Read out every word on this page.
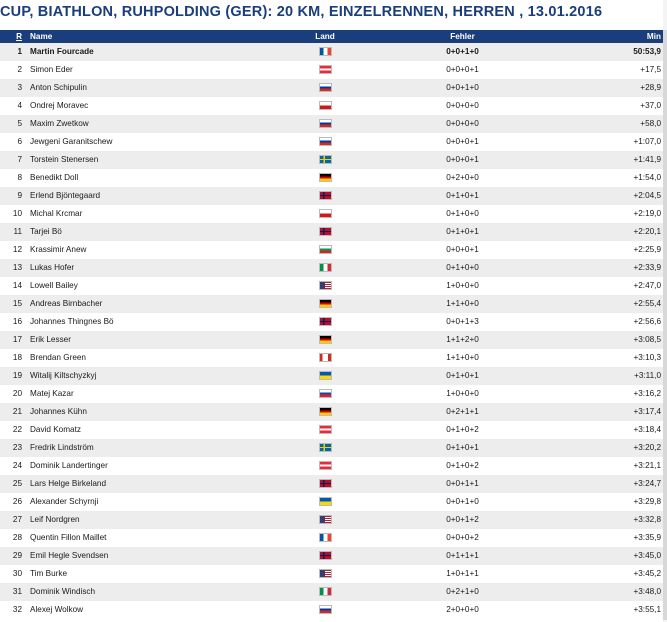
CUP, BIATHLON, RUHPOLDING (GER): 20 KM, EINZELRENNEN, HERREN , 13.01.2016
R	Name	Land	Fehler	Min
1	Martin Fourcade		0+0+1+0	50:53,9
2	Simon Eder		0+0+0+1	+17,5
3	Anton Schipulin		0+0+1+0	+28,9
4	Ondrej Moravec		0+0+0+0	+37,0
5	Maxim Zwetkow		0+0+0+0	+58,0
6	Jewgeni Garanitschew		0+0+0+1	+1:07,0
7	Torstein Stenersen		0+0+0+1	+1:41,9
8	Benedikt Doll		0+2+0+0	+1:54,0
9	Erlend Bjöntegaard		0+1+0+1	+2:04,5
10	Michal Krcmar		0+1+0+0	+2:19,0
11	Tarjei Bö		0+1+0+1	+2:20,1
12	Krassimir Anew		0+0+0+1	+2:25,9
13	Lukas Hofer		0+1+0+0	+2:33,9
14	Lowell Bailey		1+0+0+0	+2:47,0
15	Andreas Birnbacher		1+1+0+0	+2:55,4
16	Johannes Thingnes Bö		0+0+1+3	+2:56,6
17	Erik Lesser		1+1+2+0	+3:08,5
18	Brendan Green		1+1+0+0	+3:10,3
19	Witalij Kiltschyzkyj		0+1+0+1	+3:11,0
20	Matej Kazar		1+0+0+0	+3:16,2
21	Johannes Kühn		0+2+1+1	+3:17,4
22	David Komatz		0+1+0+2	+3:18,4
23	Fredrik Lindström		0+1+0+1	+3:20,2
24	Dominik Landertinger		0+1+0+2	+3:21,1
25	Lars Helge Birkeland		0+0+1+1	+3:24,7
26	Alexander Schyrnji		0+0+1+0	+3:29,8
27	Leif Nordgren		0+0+1+2	+3:32,8
28	Quentin Fillon Maillet		0+0+0+2	+3:35,9
29	Emil Hegle Svendsen		0+1+1+1	+3:45,0
30	Tim Burke		1+0+1+1	+3:45,2
31	Dominik Windisch		0+2+1+0	+3:48,0
32	Alexej Wolkow		2+0+0+0	+3:55,1
